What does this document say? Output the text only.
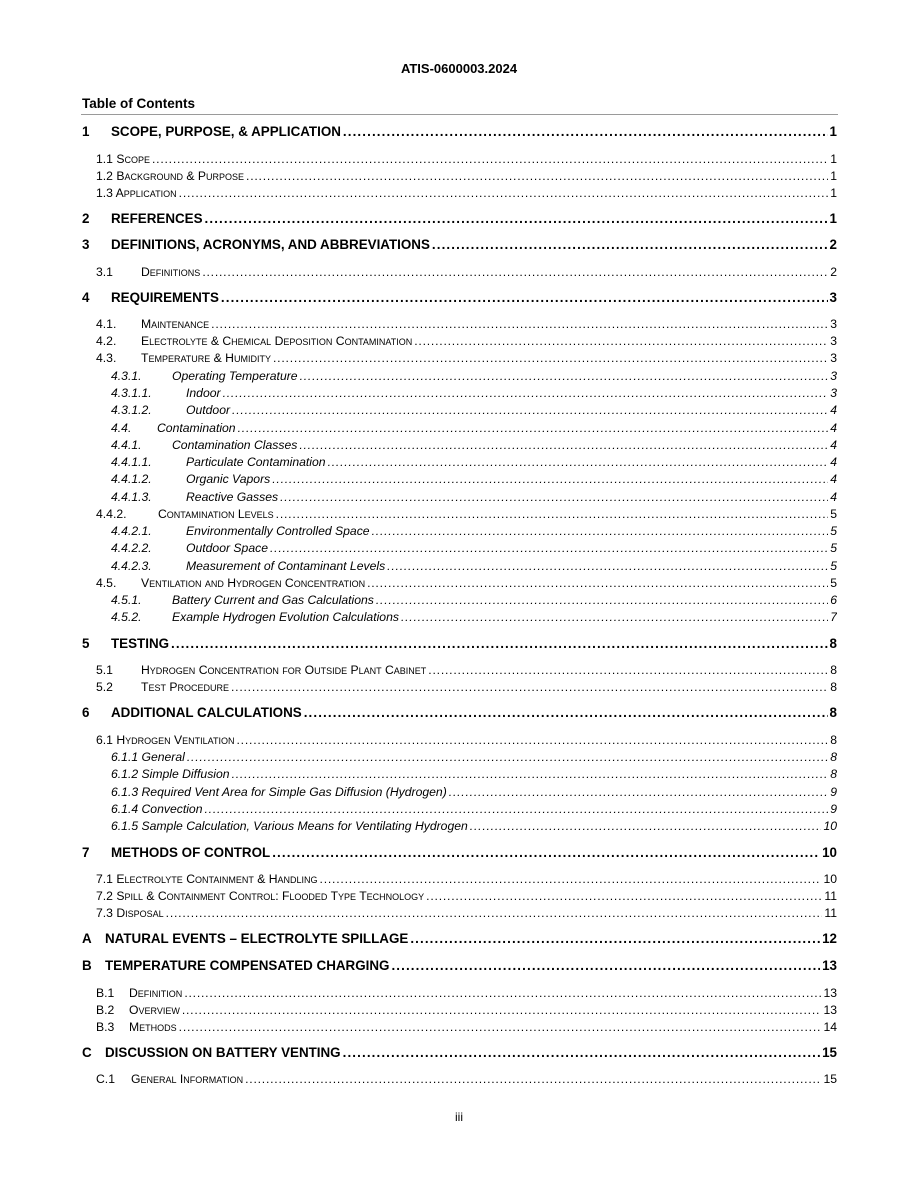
ATIS-0600003.2024
Table of Contents
1	SCOPE, PURPOSE, & APPLICATION . . .	1
1.1 Scope . . .	1
1.2 Background & Purpose . . .	1
1.3 Application . . .	1
2	REFERENCES . . .	1
3	DEFINITIONS, ACRONYMS, AND ABBREVIATIONS . . .	2
3.1	Definitions . . .	2
4	REQUIREMENTS . . .	3
4.1.	Maintenance . . .	3
4.2.	Electrolyte & Chemical Deposition Contamination . . .	3
4.3.	Temperature & Humidity . . .	3
4.3.1.	Operating Temperature . . .	3
4.3.1.1.	Indoor . . .	3
4.3.1.2.	Outdoor . . .	4
4.4.	Contamination . . .	4
4.4.1.	Contamination Classes . . .	4
4.4.1.1.	Particulate Contamination . . .	4
4.4.1.2.	Organic Vapors . . .	4
4.4.1.3.	Reactive Gasses . . .	4
4.4.2.	Contamination Levels . . .	5
4.4.2.1.	Environmentally Controlled Space . . .	5
4.4.2.2.	Outdoor Space . . .	5
4.4.2.3.	Measurement of Contaminant Levels . . .	5
4.5.	Ventilation and Hydrogen Concentration . . .	5
4.5.1.	Battery Current and Gas Calculations . . .	6
4.5.2.	Example Hydrogen Evolution Calculations . . .	7
5	TESTING . . .	8
5.1	Hydrogen Concentration for Outside Plant Cabinet . . .	8
5.2	Test Procedure . . .	8
6	ADDITIONAL CALCULATIONS . . .	8
6.1 Hydrogen Ventilation . . .	8
6.1.1 General . . .	8
6.1.2 Simple Diffusion . . .	8
6.1.3 Required Vent Area for Simple Gas Diffusion (Hydrogen) . . .	9
6.1.4 Convection . . .	9
6.1.5 Sample Calculation, Various Means for Ventilating Hydrogen . . .	10
7	METHODS OF CONTROL . . .	10
7.1 Electrolyte Containment & Handling . . .	10
7.2 Spill & Containment Control: Flooded Type Technology . . .	11
7.3 Disposal . . .	11
A NATURAL EVENTS – ELECTROLYTE SPILLAGE . . .	12
B TEMPERATURE COMPENSATED CHARGING . . .	13
B.1	Definition . . .	13
B.2	Overview . . .	13
B.3	Methods . . .	14
C DISCUSSION ON BATTERY VENTING . . .	15
C.1	General Information . . .	15
iii
